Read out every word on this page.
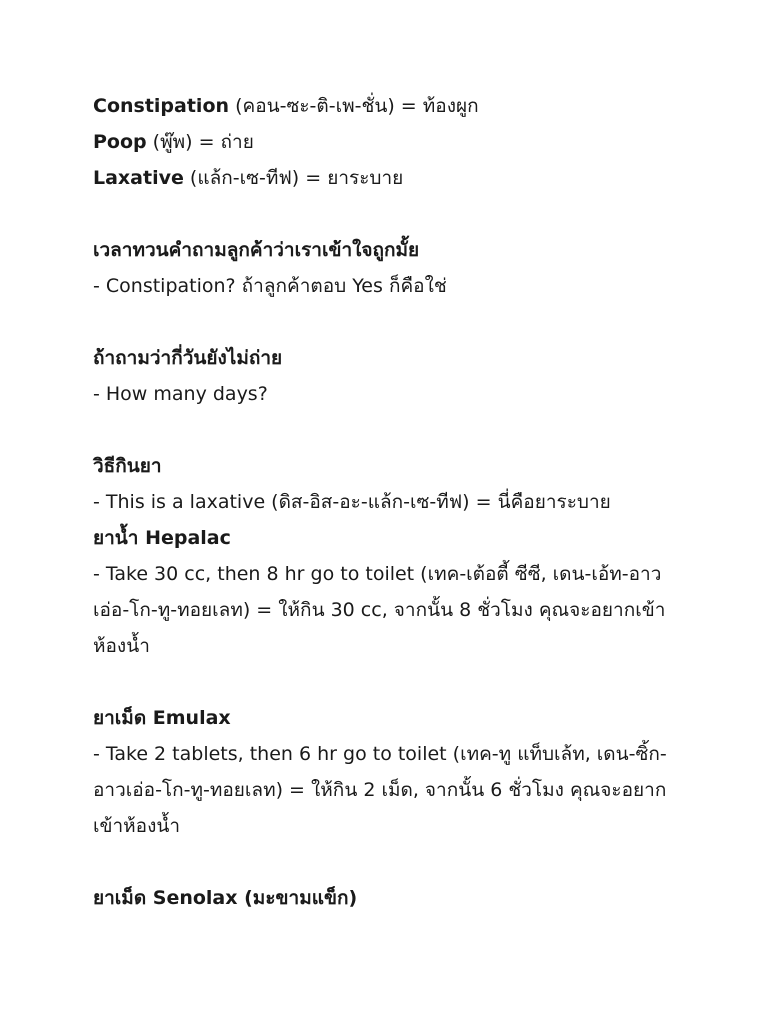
Constipation (คอน-ซะ-ติ-เพ-ชั่น) = ท้องผูก
Poop (พู๊พ) = ถ่าย
Laxative (แล้ก-เซ-ทีฟ) = ยาระบาย
เวลาทวนคำถามลูกค้าว่าเราเข้าใจถูกมั้ย
- Constipation? ถ้าลูกค้าตอบ Yes ก็คือใช่
ถ้าถามว่ากี่วันยังไม่ถ่าย
- How many days?
วิธีกินยา
- This is a laxative (ดิส-อิส-อะ-แล้ก-เซ-ทีฟ) = นี่คือยาระบาย
ยาน้ำ Hepalac
- Take 30 cc, then 8 hr go to toilet (เทค-เต้อตี้ ซีซี, เดน-เอ้ท-อาว
เอ่อ-โก-ทู-ทอยเลท) = ให้กิน 30 cc, จากนั้น 8 ชั่วโมง คุณจะอยากเข้า
ห้องน้ำ
ยาเม็ด Emulax
- Take 2 tablets, then 6 hr go to toilet (เทค-ทู แท็บเล้ท, เดน-ซิ้ก-
อาวเอ่อ-โก-ทู-ทอยเลท) = ให้กิน 2 เม็ด, จากนั้น 6 ชั่วโมง คุณจะอยาก
เข้าห้องน้ำ
ยาเม็ด Senolax (มะขามแข็ก)
